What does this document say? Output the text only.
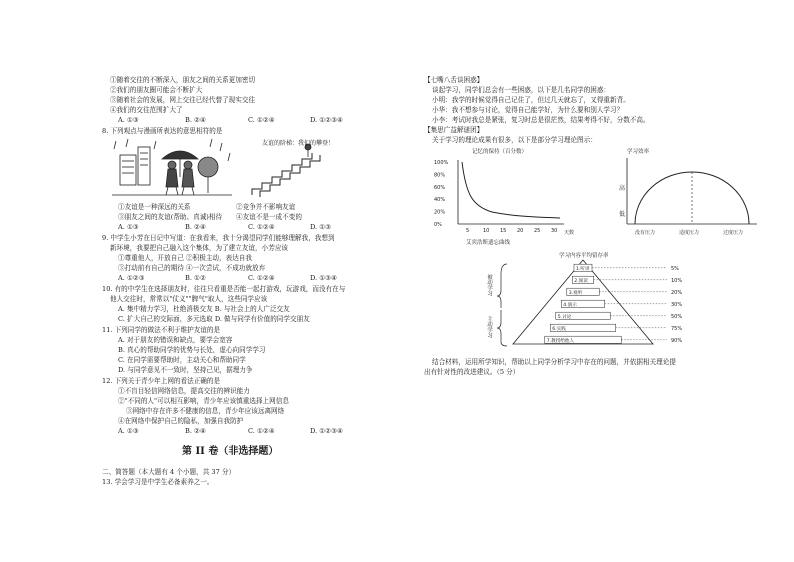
①随着交往的不断深入，朋友之间的关系更加密切
②我们的朋友圈可能会不断扩大
③随着社会的发展，网上交往已经代替了现实交往
④我们的交往范围扩大了
A. ①③	B. ②④	C. ①②④	D. ①②③④
8. 下列观点与漫画所表达的意思相符的是
友谊的阶梯：我们的攀登！
①友谊是一种深远的关系	②竞争并不影响友谊
③朋友之间的友谊(帮助、真诚)相待 ④友谊不是一成不变的
A. ①③	B. ②④	C. ①②④	D. ①③
9. 中学生小芳在日记中写道：在我看来，我十分渴望同学们能够理解我，我想到
新环境，我要把自己融入这个集体，为了建立友谊，小芳应该
①尊重他人，开放自己 ②积极主动，表达自我
③打动前有自己的期待 ④一次尝试，不成功就放弃
A. ①②③	B. ①②	C. ①②④	D. ①③④
10. 有的中学生在选择朋友时，往往只看重是否能一起打游戏，玩游戏，而没有在与
他人交往时，常常以"仗义""脾气"取人，这些同学应该
A. 集中精力学习，杜绝消极交友 B. 与社会上的人广泛交友
C. 扩大自己的交际面，多元选取 D. 做与同学有价值的同学交朋友
11. 下列同学的做法不利于维护友谊的是
A. 对于朋友的错误和缺点，要学会宽容
B. 真心的帮助同学的优势与长处，虚心向同学学习
C. 在同学需要帮助时，主动关心和帮助同学
D. 与同学意见不一致时，坚持己见，据理力争
12. 下列关于青少年上网的看法正确的是
①不盲目轻信网络信息，提高交往的辨识能力
②"不同的人"可以相互影响，青少年应该慎重选择上网信息
③网络中存在许多不健康的信息，青少年应该远离网络
④在网络中保护自己的隐私，加强自我防护
A. ①③	B. ②④	C. ①②④	D. ①②③④
第 II 卷（非选择题）
二、简答题（本大题有 4 个小题，共 37 分）
13. 学会学习是中学生必备素养之一。
【七嘴八舌谈困惑】
谈起学习，同学们总会有一些困惑，以下是几名同学的困惑：
小明：我学的时候觉得自己记住了，但过几天就忘了，又得重新背。
小华：我不想参与讨论，觉得自己能学好，为什么要和别人学习？
小李：考试时我总是紧张，复习时总是很茫然，结果考得不好，分数不高。
【集思广益解谜团】
关于学习的理论成果有很多，以下是部分学习理论图示：
记忆的保持（百分数）
100%
80%
60%
40%
20%
0%
5	10 15 20 25 30 天数
艾宾浩斯遗忘曲线
学习效率
高
低
没有压力	适度压力	过度压力
学习内容平均留存率
1.听讲	5%
2.阅读	10%
3.视听	20%
4.演示	30%
5.讨论	50%
6.实践	75%
7.教授给他人	90%
被动学习
主动学习
结合材料，运用所学知识，帮助以上同学分析学习中存在的问题，并依据相关理论提
出有针对性的改进建议。（5 分）
